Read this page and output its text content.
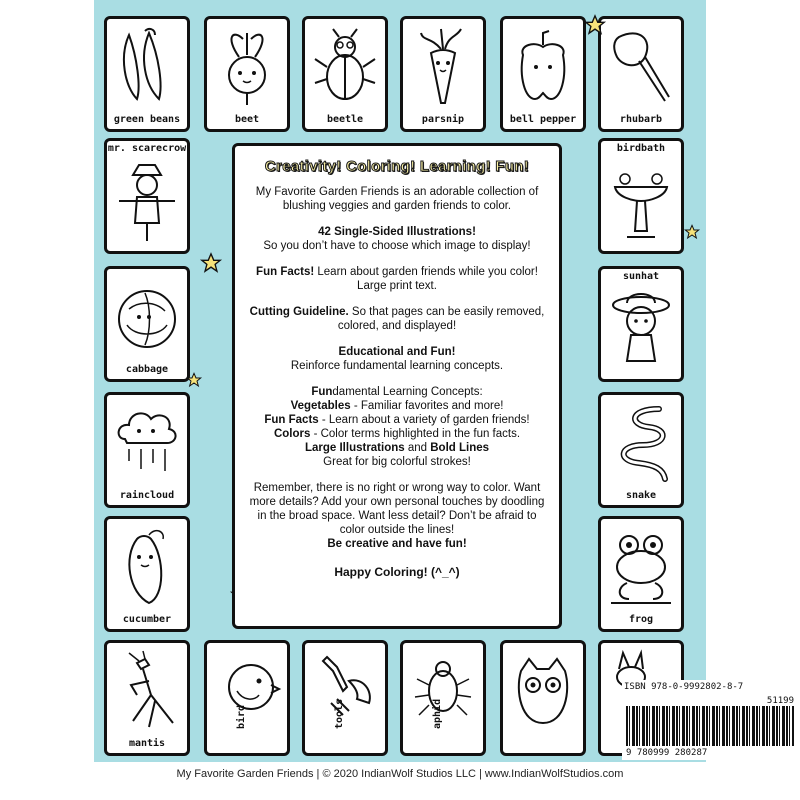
green beans	beet	beetle	parsnip	bell pepper	rhubarb
mr. scarecrow
cabbage
raincloud
cucumber
birdbath
sunhat
snake
frog
mantis
bird	tools	aphid
Creativity! Coloring! Learning! Fun!

My Favorite Garden Friends is an adorable collection of blushing veggies and garden friends to color.

42 Single-Sided Illustrations!
So you don’t have to choose which image to display!

Fun Facts! Learn about garden friends while you color! Large print text.

Cutting Guideline. So that pages can be easily removed, colored, and displayed!

Educational and Fun!
Reinforce fundamental learning concepts.

Fundamental Learning Concepts:
Vegetables - Familiar favorites and more!
Fun Facts - Learn about a variety of garden friends!
Colors - Color terms highlighted in the fun facts.
Large Illustrations and Bold Lines
Great for big colorful strokes!

Remember, there is no right or wrong way to color. Want more details? Add your own personal touches by doodling in the broad space. Want less detail? Don’t be afraid to color outside the lines!
Be creative and have fun!

Happy Coloring! (^_^)
ISBN 978-0-9992802-8-7
51199
9 780999 280287
My Favorite Garden Friends | © 2020 IndianWolf Studios LLC | www.IndianWolfStudios.com
